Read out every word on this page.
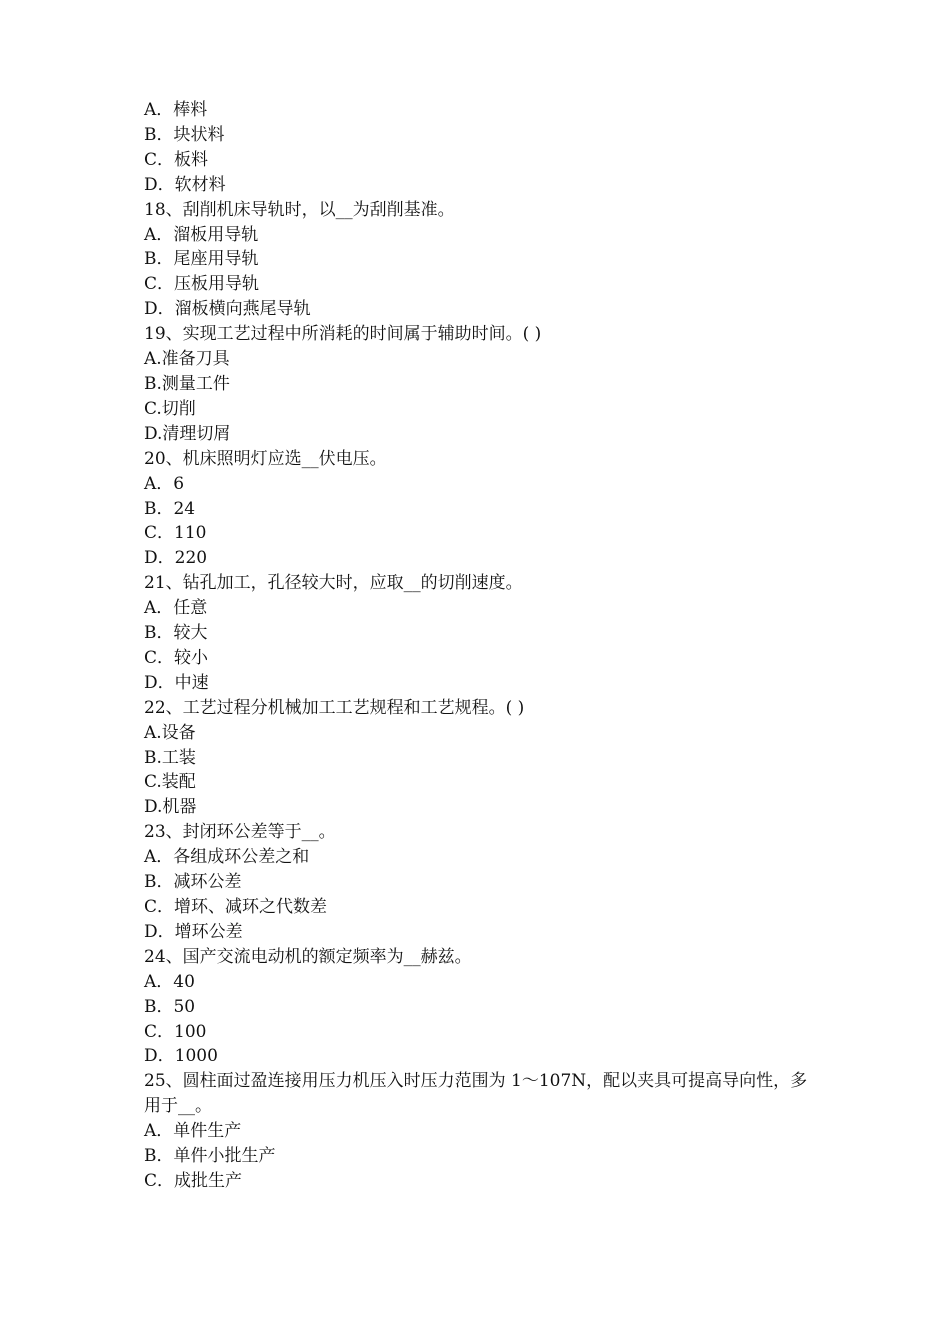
A．棒料

B．块状料

C．板料

D．软材料

18、刮削机床导轨时，以__为刮削基准。

A．溜板用导轨

B．尾座用导轨

C．压板用导轨

D．溜板横向燕尾导轨

19、实现工艺过程中所消耗的时间属于辅助时间。( )

A.准备刀具

B.测量工件

C.切削

D.清理切屑

20、机床照明灯应选__伏电压。

A．6

B．24

C．110

D．220

21、钻孔加工，孔径较大时，应取__的切削速度。

A．任意

B．较大

C．较小

D．中速

22、工艺过程分机械加工工艺规程和工艺规程。( )

A.设备

B.工装

C.装配

D.机器

23、封闭环公差等于__。

A．各组成环公差之和

B．减环公差

C．增环、减环之代数差

D．增环公差

24、国产交流电动机的额定频率为__赫兹。

A．40

B．50

C．100

D．1000

25、圆柱面过盈连接用压力机压入时压力范围为 1～107N，配以夹具可提高导向性，多用于__。

A．单件生产

B．单件小批生产

C．成批生产
